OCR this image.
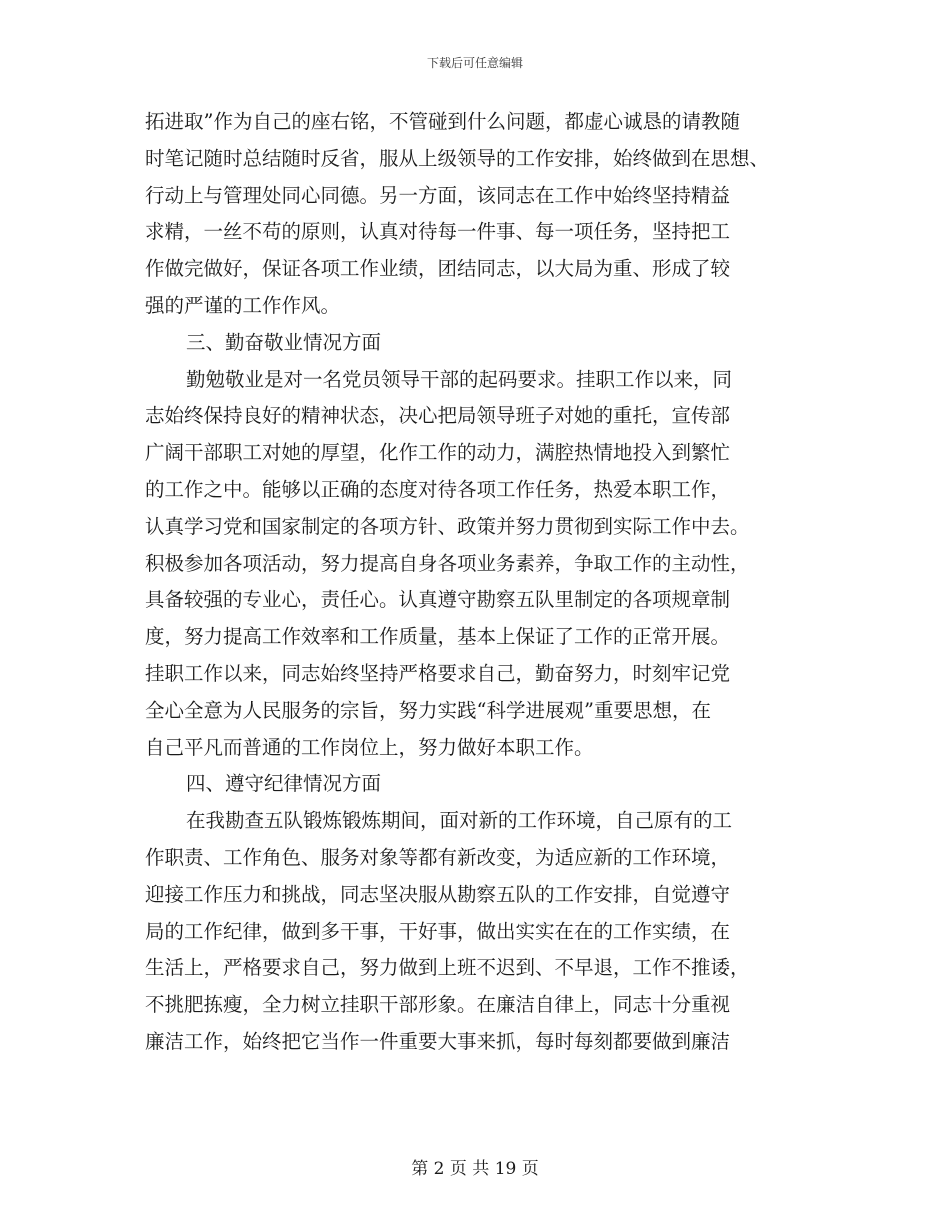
下载后可任意编辑
拓进取”作为自己的座右铭，不管碰到什么问题，都虚心诚恳的请教随
时笔记随时总结随时反省，服从上级领导的工作安排，始终做到在思想、
行动上与管理处同心同德。另一方面，该同志在工作中始终坚持精益
求精，一丝不苟的原则，认真对待每一件事、每一项任务，坚持把工
作做完做好，保证各项工作业绩，团结同志，以大局为重、形成了较
强的严谨的工作作风。
三、勤奋敬业情况方面
勤勉敬业是对一名党员领导干部的起码要求。挂职工作以来，同
志始终保持良好的精神状态，决心把局领导班子对她的重托，宣传部
广阔干部职工对她的厚望，化作工作的动力，满腔热情地投入到繁忙
的工作之中。能够以正确的态度对待各项工作任务，热爱本职工作，
认真学习党和国家制定的各项方针、政策并努力贯彻到实际工作中去。
积极参加各项活动，努力提高自身各项业务素养，争取工作的主动性，
具备较强的专业心，责任心。认真遵守勘察五队里制定的各项规章制
度，努力提高工作效率和工作质量，基本上保证了工作的正常开展。
挂职工作以来，同志始终坚持严格要求自己，勤奋努力，时刻牢记党
全心全意为人民服务的宗旨，努力实践“科学进展观”重要思想，在
自己平凡而普通的工作岗位上，努力做好本职工作。
四、遵守纪律情况方面
在我勘查五队锻炼锻炼期间，面对新的工作环境，自己原有的工
作职责、工作角色、服务对象等都有新改变，为适应新的工作环境，
迎接工作压力和挑战，同志坚决服从勘察五队的工作安排，自觉遵守
局的工作纪律，做到多干事，干好事，做出实实在在的工作实绩，在
生活上，严格要求自己，努力做到上班不迟到、不早退，工作不推诿，
不挑肥拣瘦，全力树立挂职干部形象。在廉洁自律上，同志十分重视
廉洁工作，始终把它当作一件重要大事来抓，每时每刻都要做到廉洁
第 2 页 共 19 页
